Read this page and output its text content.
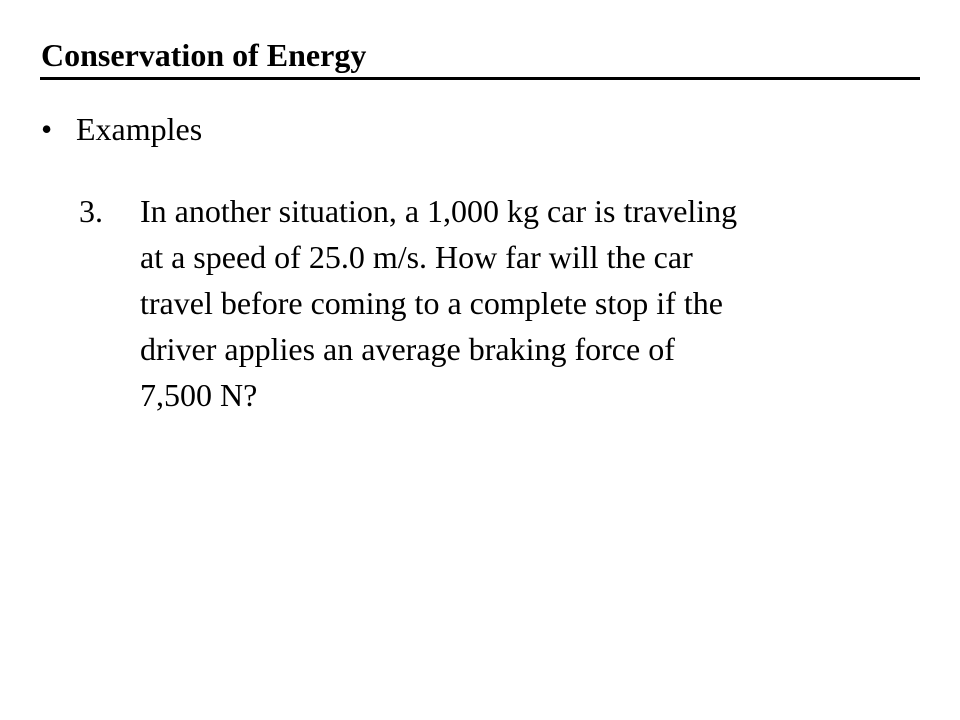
Conservation of Energy
• Examples
3. In another situation, a 1,000 kg car is traveling
at a speed of 25.0 m/s. How far will the car
travel before coming to a complete stop if the
driver applies an average braking force of
7,500 N?
